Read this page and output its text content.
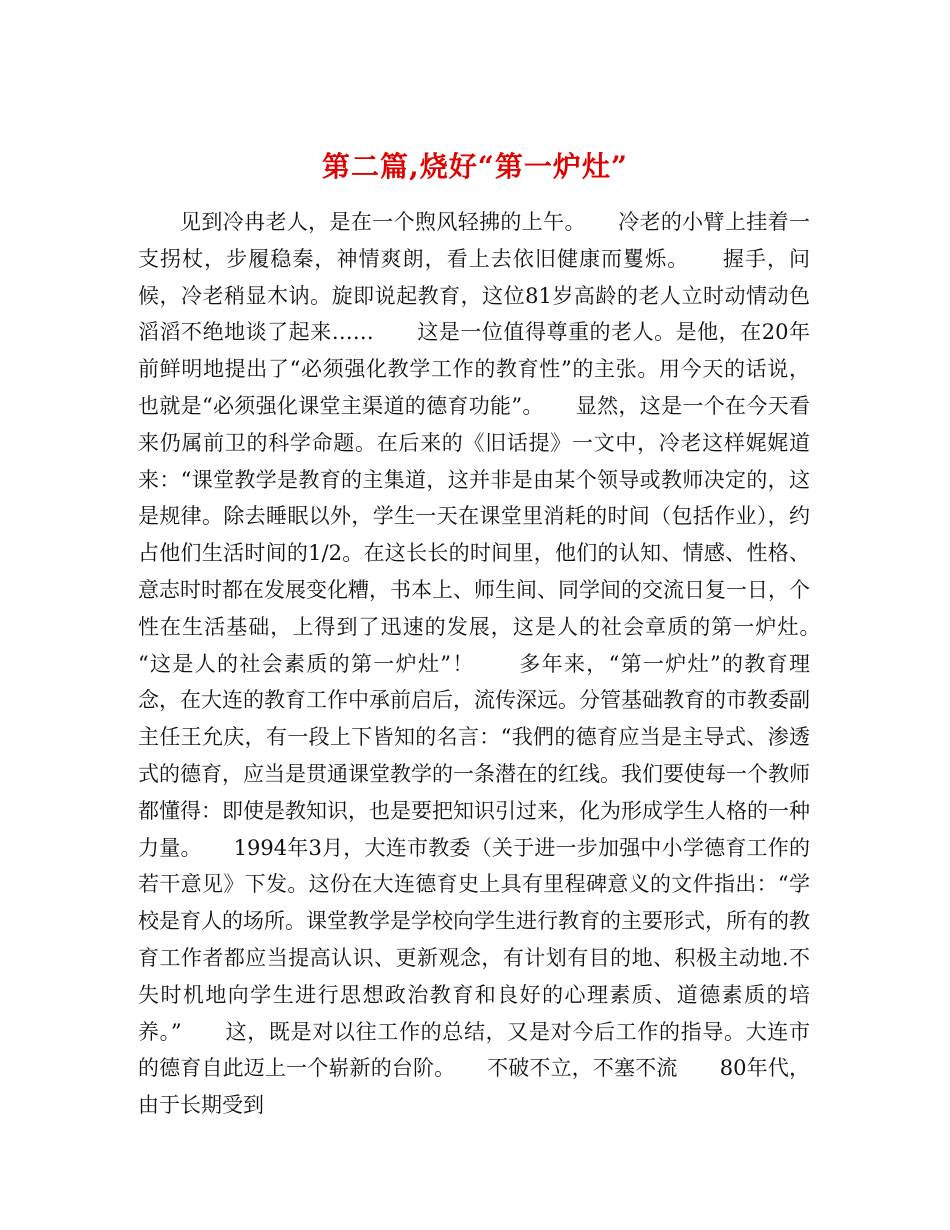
第二篇,烧好“第一炉灶”

见到冷冉老人，是在一个煦风轻拂的上午。　　冷老的小臂上挂着一支拐杖，步履稳秦，神情爽朗，看上去依旧健康而矍烁。　　握手，问候，冷老稍显木讷。旋即说起教育，这位81岁高龄的老人立时动情动色滔滔不绝地谈了起来……　　这是一位值得尊重的老人。是他，在20年前鲜明地提出了“必须强化教学工作的教育性”的主张。用今天的话说，也就是“必须强化课堂主渠道的德育功能”。　　显然，这是一个在今天看来仍属前卫的科学命题。在后来的《旧话提》一文中，冷老这样娓娓道来：“课堂教学是教育的主集道，这并非是由某个领导或教师决定的，这是规律。除去睡眠以外，学生一天在课堂里消耗的时间（包括作业），约占他们生活时间的1/2。在这长长的时间里，他们的认知、情感、性格、意志时时都在发展变化糟，书本上、师生间、同学间的交流日复一日，个性在生活基础，上得到了迅速的发展，这是人的社会章质的第一炉灶。　　“这是人的社会素质的第一炉灶”！　　多年来，“第一炉灶”的教育理念，在大连的教育工作中承前启后，流传深远。分管基础教育的市教委副主任王允庆，有一段上下皆知的名言：“我們的德育应当是主导式、渗透式的德育，应当是贯通课堂教学的一条潜在的红线。我们要使每一个教师都懂得：即使是教知识，也是要把知识引过来，化为形成学生人格的一种力量。　　1994年3月，大连市教委（关于进一步加强中小学德育工作的若干意见》下发。这份在大连德育史上具有里程碑意义的文件指出：“学校是育人的场所。课堂教学是学校向学生进行教育的主要形式，所有的教育工作者都应当提高认识、更新观念，有计划有目的地、积极主动地.不失时机地向学生进行思想政治教育和良好的心理素质、道德素质的培养。”　　这，既是对以往工作的总结，又是对今后工作的指导。大连市的德育自此迈上一个崭新的台阶。　　不破不立，不塞不流　　80年代，由于长期受到
